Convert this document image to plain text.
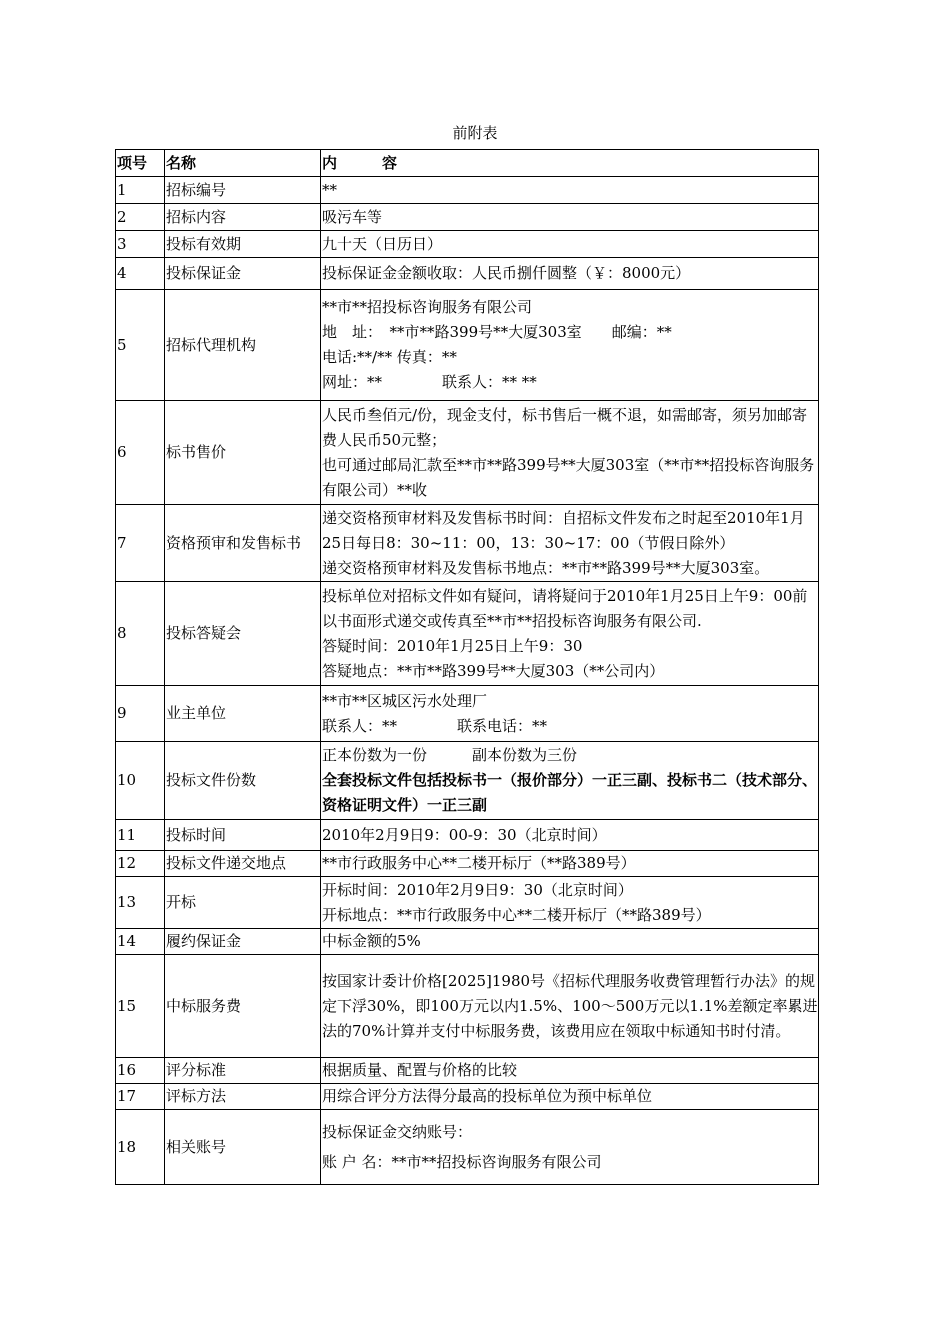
前附表
项号	名称	内　　　容
1	招标编号	**

2	招标内容	吸污车等

3	投标有效期	九十天（日历日）

4	投标保证金	投标保证金金额收取：人民币捌仟圆整（￥：8000元）

5	招标代理机构	**市**招投标咨询服务有限公司
地　址：　**市**路399号**大厦303室　　邮编：**
电话:**/** 传真：**
网址：**　　　　联系人：** **

6	标书售价	人民币叁佰元/份，现金支付，标书售后一概不退，如需邮寄，须另加邮寄费人民币50元整；
也可通过邮局汇款至**市**路399号**大厦303室（**市**招投标咨询服务有限公司）**收

7	资格预审和发售标书	递交资格预审材料及发售标书时间：自招标文件发布之时起至2010年1月25日每日8：30~11：00，13：30~17：00（节假日除外）
递交资格预审材料及发售标书地点：**市**路399号**大厦303室。

8	投标答疑会	投标单位对招标文件如有疑问，请将疑问于2010年1月25日上午9：00前以书面形式递交或传真至**市**招投标咨询服务有限公司.
答疑时间：2010年1月25日上午9：30
答疑地点：**市**路399号**大厦303（**公司内）

9	业主单位	**市**区城区污水处理厂
联系人：**　　　　联系电话：**

10	投标文件份数	正本份数为一份　　　副本份数为三份
全套投标文件包括投标书一（报价部分）一正三副、投标书二（技术部分、资格证明文件）一正三副

11	投标时间	2010年2月9日9：00-9：30（北京时间）

12	投标文件递交地点	**市行政服务中心**二楼开标厅（**路389号）

13	开标	开标时间：2010年2月9日9：30（北京时间）
开标地点：**市行政服务中心**二楼开标厅（**路389号）

14	履约保证金	中标金额的5%

15	中标服务费	按国家计委计价格[2025]1980号《招标代理服务收费管理暂行办法》的规定下浮30%，即100万元以内1.5%、100～500万元以1.1%差额定率累进法的70%计算并支付中标服务费，该费用应在领取中标通知书时付清。

16	评分标准	根据质量、配置与价格的比较

17	评标方法	用综合评分方法得分最高的投标单位为预中标单位

18	相关账号	投标保证金交纳账号：
账 户 名：**市**招投标咨询服务有限公司
